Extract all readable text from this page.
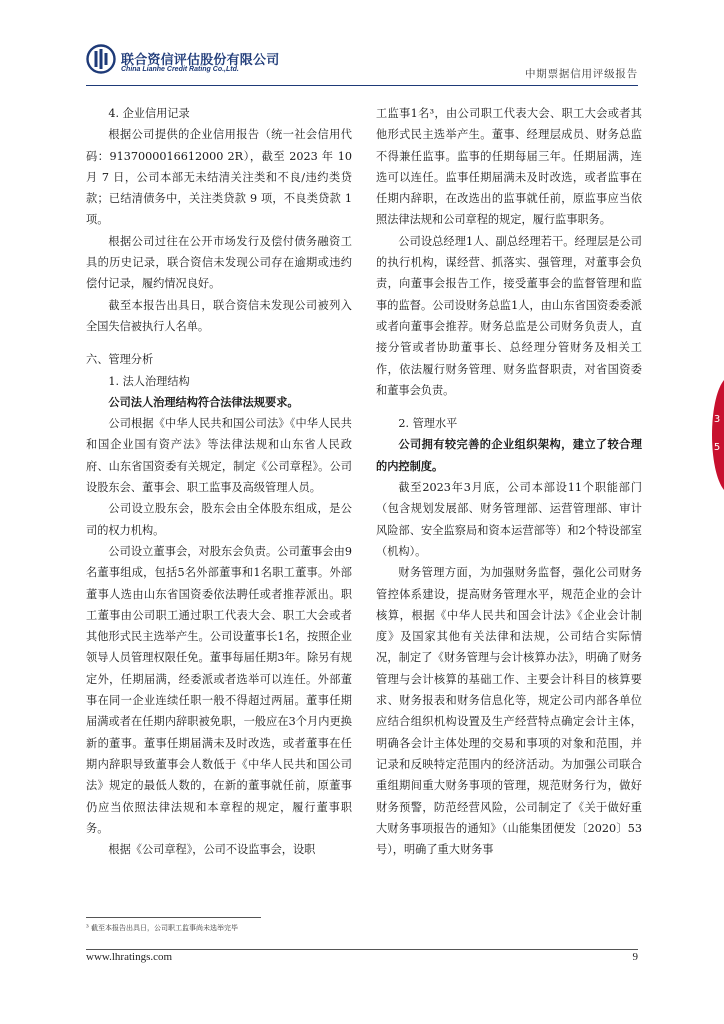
联合资信评估股份有限公司
China Lianhe Credit Rating Co.,Ltd.	中期票据信用评级报告

4. 企业信用记录

根据公司提供的企业信用报告（统一社会信用代码：9137000016612000 2R），截至 2023 年 10 月 7 日，公司本部无未结清关注类和不良/违约类贷款；已结清债务中，关注类贷款 9 项，不良类贷款 1 项。

根据公司过往在公开市场发行及偿付债务融资工具的历史记录，联合资信未发现公司存在逾期或违约偿付记录，履约情况良好。

截至本报告出具日，联合资信未发现公司被列入全国失信被执行人名单。

六、管理分析

1. 法人治理结构

公司法人治理结构符合法律法规要求。

公司根据《中华人民共和国公司法》《中华人民共和国企业国有资产法》等法律法规和山东省人民政府、山东省国资委有关规定，制定《公司章程》。公司设股东会、董事会、职工监事及高级管理人员。

公司设立股东会，股东会由全体股东组成，是公司的权力机构。

公司设立董事会，对股东会负责。公司董事会由9名董事组成，包括5名外部董事和1名职工董事。外部董事人选由山东省国资委依法聘任或者推荐派出。职工董事由公司职工通过职工代表大会、职工大会或者其他形式民主选举产生。公司设董事长1名，按照企业领导人员管理权限任免。董事每届任期3年。除另有规定外，任期届满，经委派或者选举可以连任。外部董事在同一企业连续任职一般不得超过两届。董事任期届满或者在任期内辞职被免职，一般应在3个月内更换新的董事。董事任期届满未及时改选，或者董事在任期内辞职导致董事会人数低于《中华人民共和国公司法》规定的最低人数的，在新的董事就任前，原董事仍应当依照法律法规和本章程的规定，履行董事职务。

根据《公司章程》，公司不设监事会，设职

工监事1名³，由公司职工代表大会、职工大会或者其他形式民主选举产生。董事、经理层成员、财务总监不得兼任监事。监事的任期每届三年。任期届满，连选可以连任。监事任期届满未及时改选，或者监事在任期内辞职，在改选出的监事就任前，原监事应当依照法律法规和公司章程的规定，履行监事职务。

公司设总经理1人、副总经理若干。经理层是公司的执行机构，谋经营、抓落实、强管理，对董事会负责，向董事会报告工作，接受董事会的监督管理和监事的监督。公司设财务总监1人，由山东省国资委委派或者向董事会推荐。财务总监是公司财务负责人，直接分管或者协助董事长、总经理分管财务及相关工作，依法履行财务管理、财务监督职责，对省国资委和董事会负责。

2. 管理水平

公司拥有较完善的企业组织架构，建立了较合理的内控制度。

截至2023年3月底，公司本部设11个职能部门（包含规划发展部、财务管理部、运营管理部、审计风险部、安全监察局和资本运营部等）和2个特设部室（机构）。

财务管理方面，为加强财务监督，强化公司财务管控体系建设，提高财务管理水平，规范企业的会计核算，根据《中华人民共和国会计法》《企业会计制度》及国家其他有关法律和法规，公司结合实际情况，制定了《财务管理与会计核算办法》，明确了财务管理与会计核算的基础工作、主要会计科目的核算要求、财务报表和财务信息化等，规定公司内部各单位应结合组织机构设置及生产经营特点确定会计主体，明确各会计主体处理的交易和事项的对象和范围，并记录和反映特定范围内的经济活动。为加强公司联合重组期间重大财务事项的管理，规范财务行为，做好财务预警，防范经营风险，公司制定了《关于做好重大财务事项报告的通知》（山能集团便发〔2020〕53号），明确了重大财务事

3
5
³ 截至本报告出具日，公司职工监事尚未选举完毕
www.lhratings.com	9
